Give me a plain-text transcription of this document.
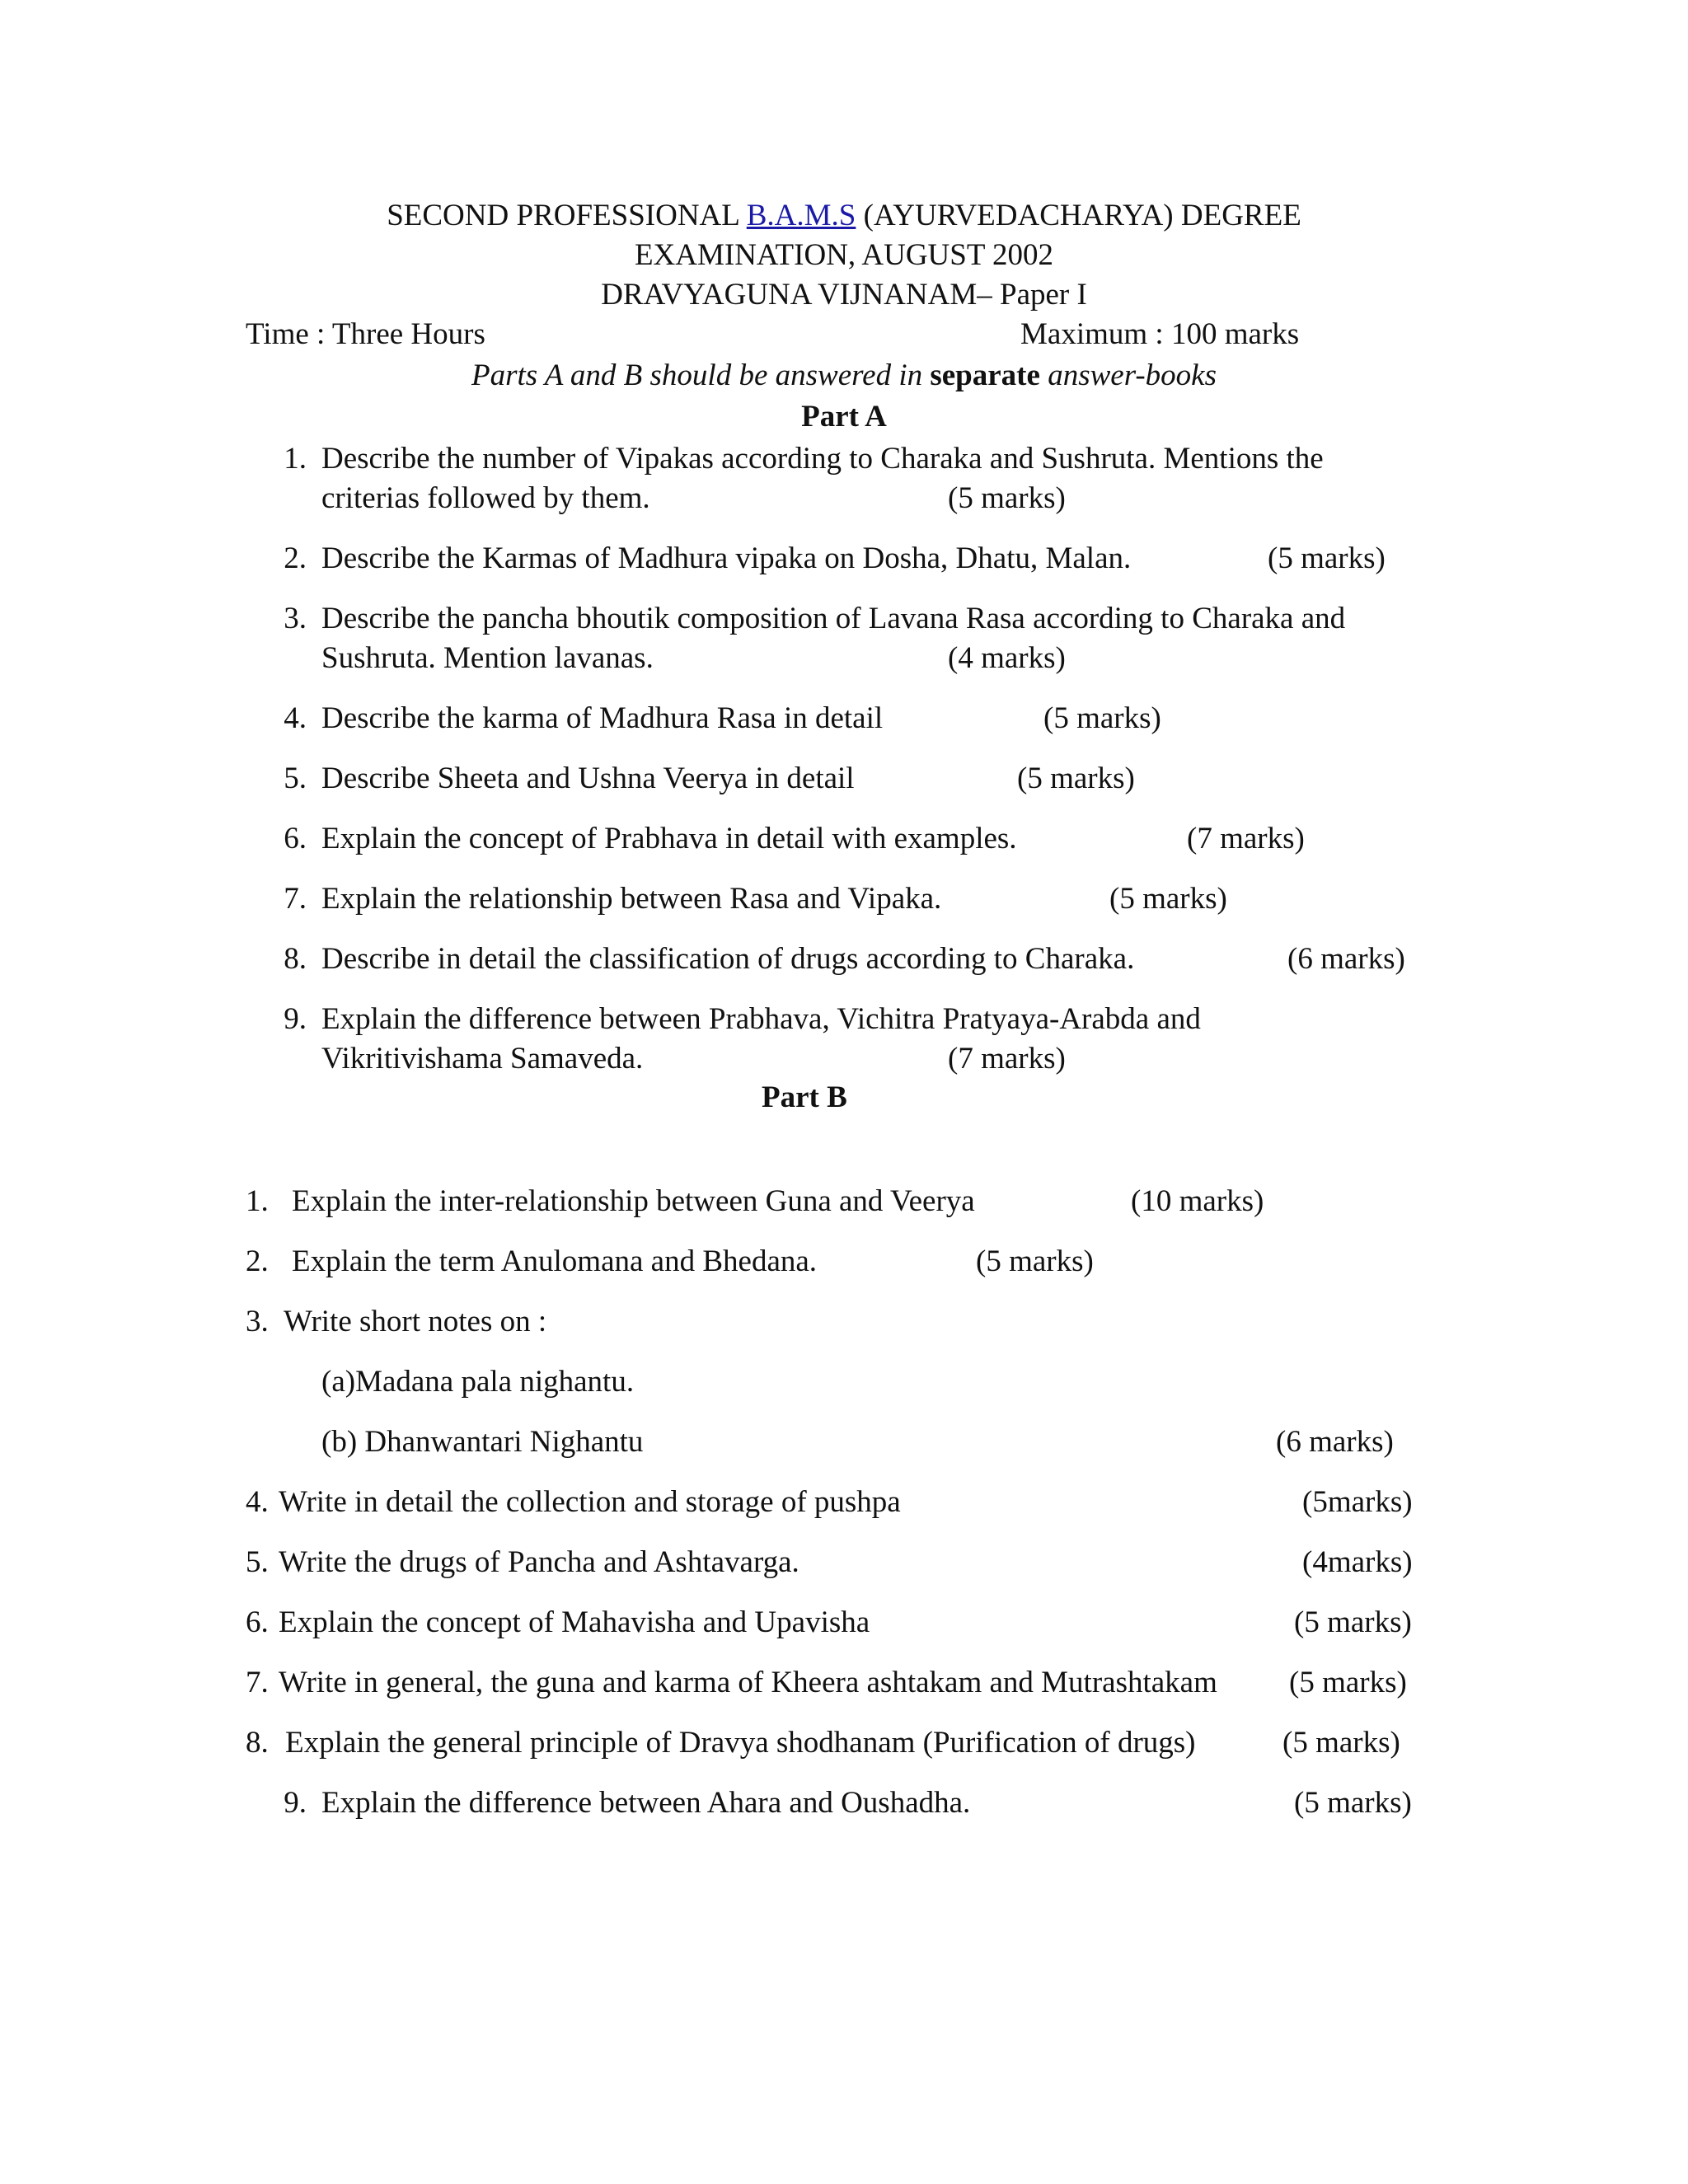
SECOND PROFESSIONAL B.A.M.S (AYURVEDACHARYA) DEGREE
EXAMINATION, AUGUST 2002
DRAVYAGUNA VIJNANAM– Paper I
Time : Three Hours	Maximum : 100 marks
Parts A and B should be answered in separate answer-books
Part A
1. Describe the number of Vipakas according to Charaka and Sushruta. Mentions the
criterias followed by them.	(5 marks)
2. Describe the Karmas of Madhura vipaka on Dosha, Dhatu, Malan.	(5 marks)
3. Describe the pancha bhoutik composition of Lavana Rasa according to Charaka and
Sushruta. Mention lavanas.	(4 marks)
4. Describe the karma of Madhura Rasa in detail	(5 marks)
5. Describe Sheeta and Ushna Veerya in detail	(5 marks)
6. Explain the concept of Prabhava in detail with examples.	(7 marks)
7. Explain the relationship between Rasa and Vipaka.	(5 marks)
8. Describe in detail the classification of drugs according to Charaka.	(6 marks)
9. Explain the difference between Prabhava, Vichitra Pratyaya-Arabda and
Vikritivishama Samaveda.	(7 marks)
Part B
1. Explain the inter-relationship between Guna and Veerya	(10 marks)
2. Explain the term Anulomana and Bhedana.	(5 marks)
3. Write short notes on :
(a)Madana pala nighantu.
(b) Dhanwantari Nighantu	(6 marks)
4. Write in detail the collection and storage of pushpa	(5marks)
5. Write the drugs of Pancha and Ashtavarga.	(4marks)
6. Explain the concept of Mahavisha and Upavisha	(5 marks)
7. Write in general, the guna and karma of Kheera ashtakam and Mutrashtakam (5 marks)
8. Explain the general principle of Dravya shodhanam (Purification of drugs)	(5 marks)
9. Explain the difference between Ahara and Oushadha.	(5 marks)
